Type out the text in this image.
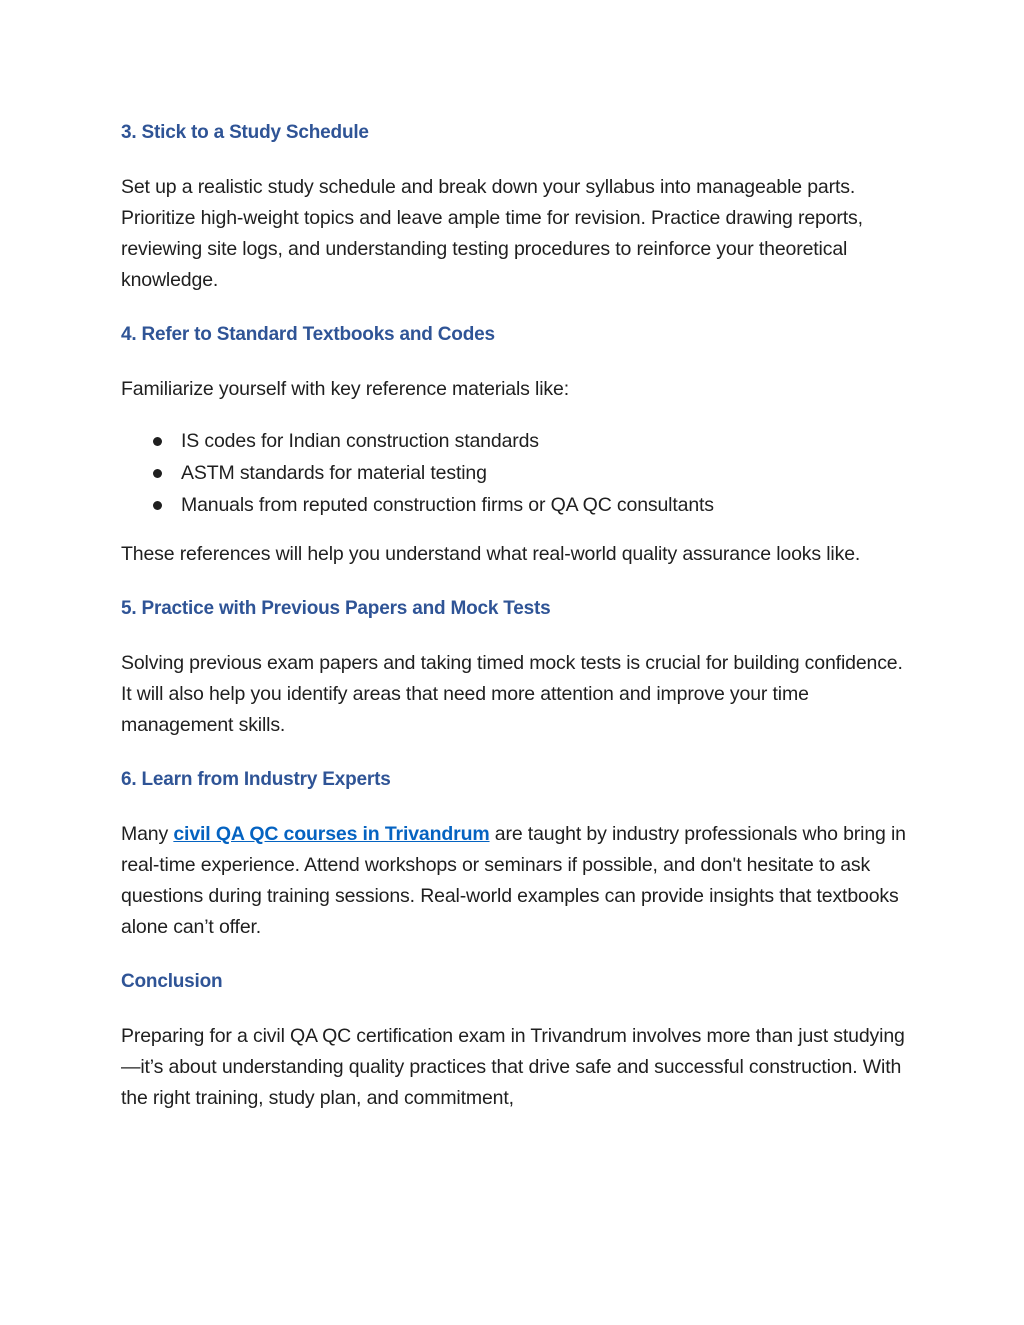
3. Stick to a Study Schedule

Set up a realistic study schedule and break down your syllabus into manageable parts. Prioritize high-weight topics and leave ample time for revision. Practice drawing reports, reviewing site logs, and understanding testing procedures to reinforce your theoretical knowledge.

4. Refer to Standard Textbooks and Codes

Familiarize yourself with key reference materials like:

IS codes for Indian construction standards
ASTM standards for material testing
Manuals from reputed construction firms or QA QC consultants

These references will help you understand what real-world quality assurance looks like.

5. Practice with Previous Papers and Mock Tests

Solving previous exam papers and taking timed mock tests is crucial for building confidence. It will also help you identify areas that need more attention and improve your time management skills.

6. Learn from Industry Experts

Many civil QA QC courses in Trivandrum are taught by industry professionals who bring in real-time experience. Attend workshops or seminars if possible, and don't hesitate to ask questions during training sessions. Real-world examples can provide insights that textbooks alone can’t offer.

Conclusion

Preparing for a civil QA QC certification exam in Trivandrum involves more than just studying—it’s about understanding quality practices that drive safe and successful construction. With the right training, study plan, and commitment,
